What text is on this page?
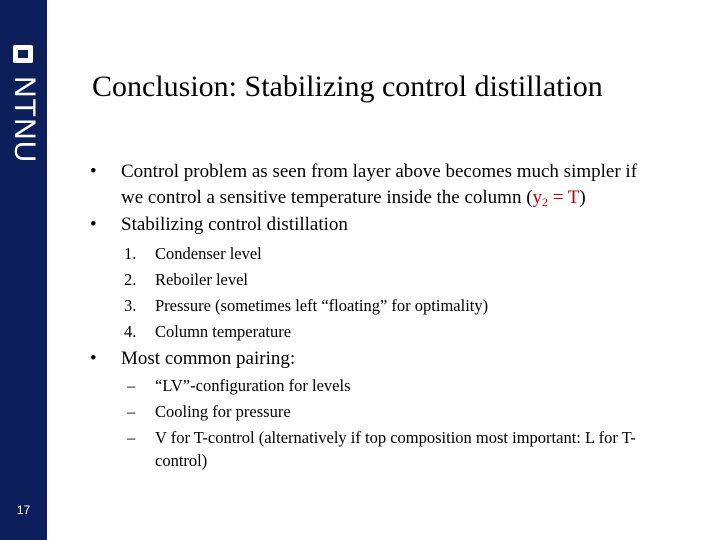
NTNU
17
Conclusion: Stabilizing control distillation
•	Control problem as seen from layer above becomes much simpler if
we control a sensitive temperature inside the column $(y_2 = T)$
•	Stabilizing control distillation
1. Condenser level
2. Reboiler level
3. Pressure (sometimes left “floating” for optimality)
4. Column temperature
•	Most common pairing:
– “LV”-configuration for levels
– Cooling for pressure
– V for T-control (alternatively if top composition most important: L for T-control)
